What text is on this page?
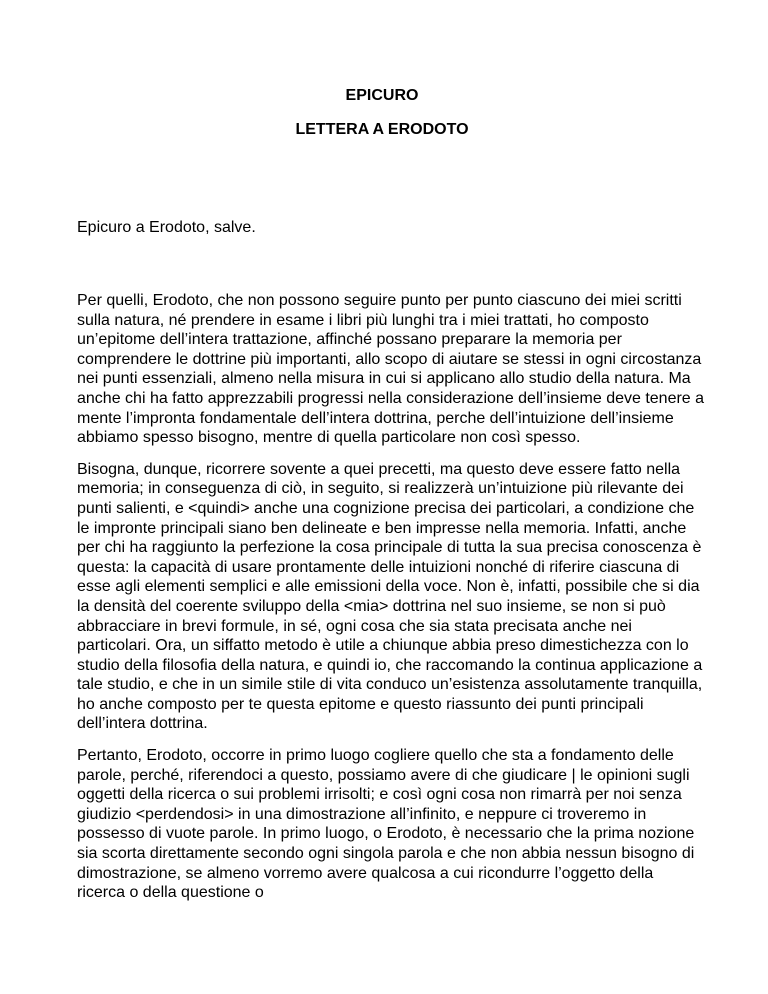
EPICURO
LETTERA A ERODOTO

Epicuro a Erodoto, salve.

Per quelli, Erodoto, che non possono seguire punto per punto ciascuno dei miei scritti sulla natura, né prendere in esame i libri più lunghi tra i miei trattati, ho composto un’epitome dell’intera trattazione, affinché possano preparare la memoria per comprendere le dottrine più importanti, allo scopo di aiutare se stessi in ogni circostanza nei punti essenziali, almeno nella misura in cui si applicano allo studio della natura. Ma anche chi ha fatto apprezzabili progressi nella considerazione dell’insieme deve tenere a mente l’impronta fondamentale dell’intera dottrina, perche dell’intuizione dell’insieme abbiamo spesso bisogno, mentre di quella particolare non così spesso.

Bisogna, dunque, ricorrere sovente a quei precetti, ma questo deve essere fatto nella memoria; in conseguenza di ciò, in seguito, si realizzerà un’intuizione più rilevante dei punti salienti, e <quindi> anche una cognizione precisa dei particolari, a condizione che le impronte principali siano ben delineate e ben impresse nella memoria. Infatti, anche per chi ha raggiunto la perfezione la cosa principale di tutta la sua precisa conoscenza è questa: la capacità di usare prontamente delle intuizioni nonché di riferire ciascuna di esse agli elementi semplici e alle emissioni della voce. Non è, infatti, possibile che si dia la densità del coerente sviluppo della <mia> dottrina nel suo insieme, se non si può abbracciare in brevi formule, in sé, ogni cosa che sia stata precisata anche nei particolari. Ora, un siffatto metodo è utile a chiunque abbia preso dimestichezza con lo studio della filosofia della natura, e quindi io, che raccomando la continua applicazione a tale studio, e che in un simile stile di vita conduco un’esistenza assolutamente tranquilla, ho anche composto per te questa epitome e questo riassunto dei punti principali dell’intera dottrina.

Pertanto, Erodoto, occorre in primo luogo cogliere quello che sta a fondamento delle parole, perché, riferendoci a questo, possiamo avere di che giudicare | le opinioni sugli oggetti della ricerca o sui problemi irrisolti; e così ogni cosa non rimarrà per noi senza giudizio <perdendosi> in una dimostrazione all’infinito, e neppure ci troveremo in possesso di vuote parole. In primo luogo, o Erodoto, è necessario che la prima nozione sia scorta direttamente secondo ogni singola parola e che non abbia nessun bisogno di dimostrazione, se almeno vorremo avere qualcosa a cui ricondurre l’oggetto della ricerca o della questione o
